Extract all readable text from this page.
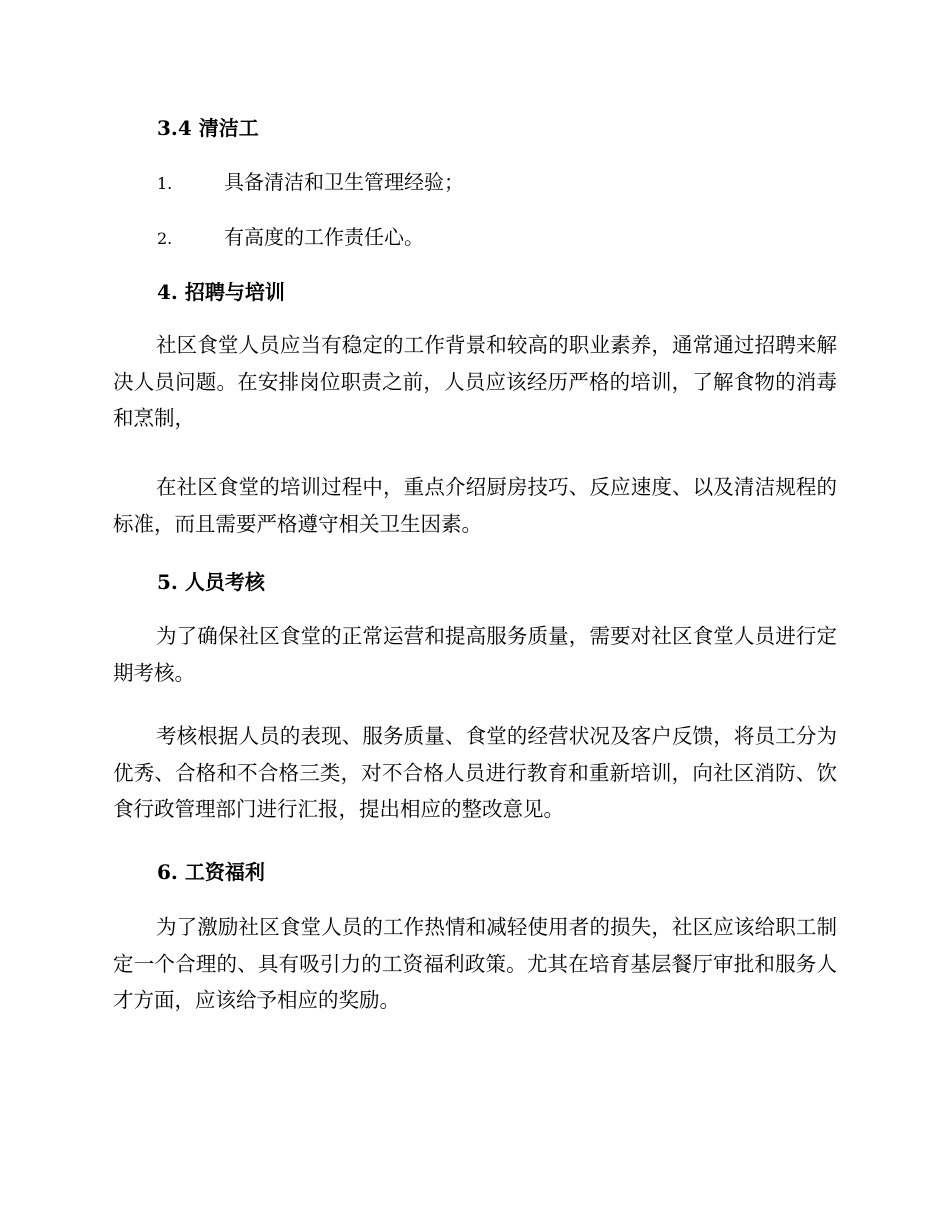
3.4 清洁工
1.	具备清洁和卫生管理经验；
2.	有高度的工作责任心。
4. 招聘与培训

社区食堂人员应当有稳定的工作背景和较高的职业素养，通常通过招聘来解决人员问题。在安排岗位职责之前，人员应该经历严格的培训，了解食物的消毒和烹制，

在社区食堂的培训过程中，重点介绍厨房技巧、反应速度、以及清洁规程的标准，而且需要严格遵守相关卫生因素。

5. 人员考核

为了确保社区食堂的正常运营和提高服务质量，需要对社区食堂人员进行定期考核。

考核根据人员的表现、服务质量、食堂的经营状况及客户反馈，将员工分为优秀、合格和不合格三类，对不合格人员进行教育和重新培训，向社区消防、饮食行政管理部门进行汇报，提出相应的整改意见。

6. 工资福利

为了激励社区食堂人员的工作热情和减轻使用者的损失，社区应该给职工制定一个合理的、具有吸引力的工资福利政策。尤其在培育基层餐厅审批和服务人才方面，应该给予相应的奖励。
